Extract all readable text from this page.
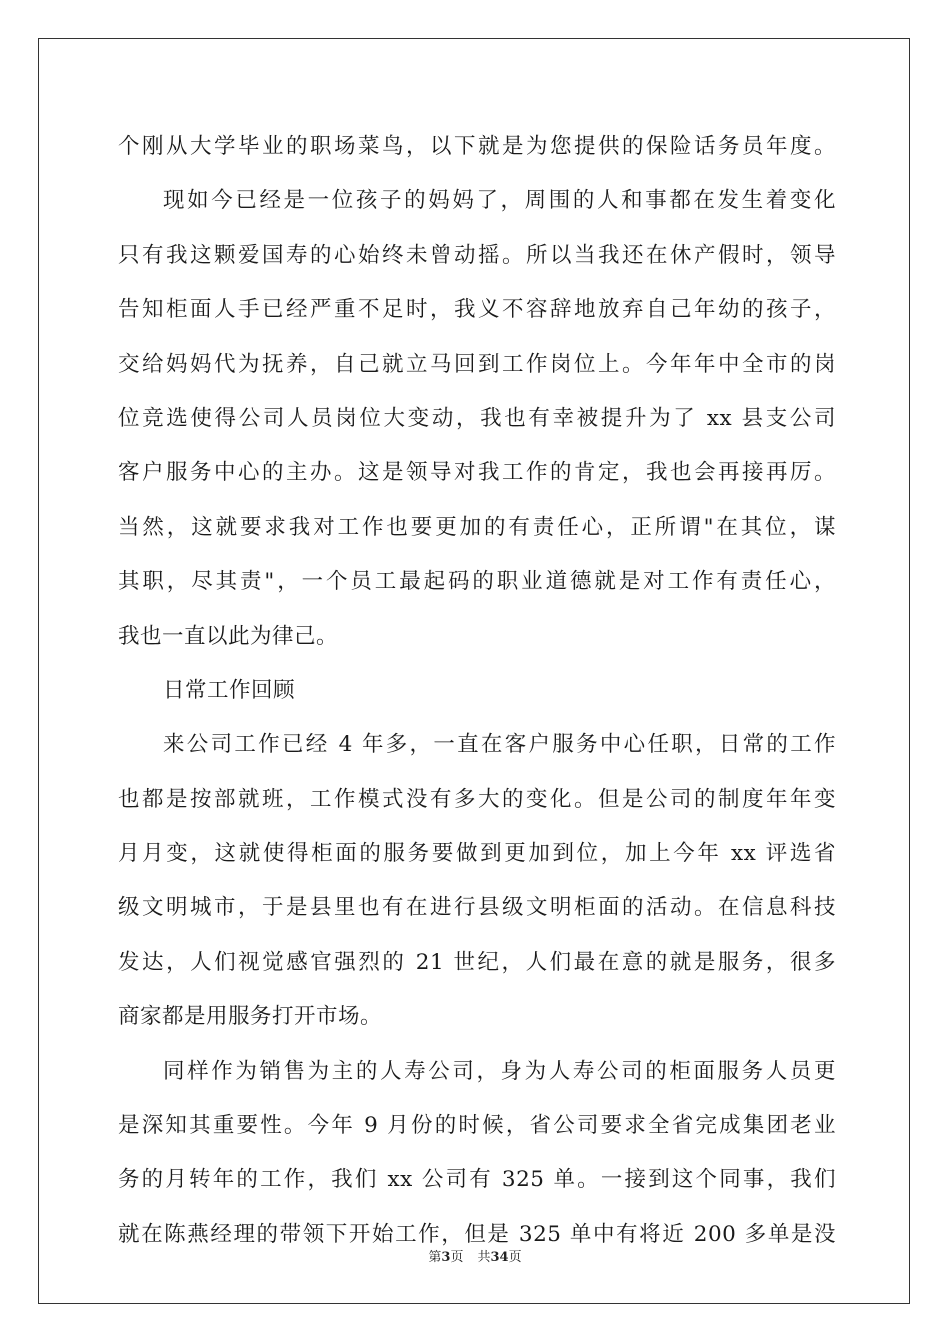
个刚从大学毕业的职场菜鸟，以下就是为您提供的保险话务员年度。
现如今已经是一位孩子的妈妈了，周围的人和事都在发生着变化
只有我这颗爱国寿的心始终未曾动摇。所以当我还在休产假时，领导
告知柜面人手已经严重不足时，我义不容辞地放弃自己年幼的孩子，
交给妈妈代为抚养，自己就立马回到工作岗位上。今年年中全市的岗
位竞选使得公司人员岗位大变动，我也有幸被提升为了 xx 县支公司
客户服务中心的主办。这是领导对我工作的肯定，我也会再接再厉。
当然，这就要求我对工作也要更加的有责任心，正所谓"在其位，谋
其职，尽其责"，一个员工最起码的职业道德就是对工作有责任心，
我也一直以此为律己。
日常工作回顾
来公司工作已经 4 年多，一直在客户服务中心任职，日常的工作
也都是按部就班，工作模式没有多大的变化。但是公司的制度年年变
月月变，这就使得柜面的服务要做到更加到位，加上今年 xx 评选省
级文明城市，于是县里也有在进行县级文明柜面的活动。在信息科技
发达，人们视觉感官强烈的 21 世纪，人们最在意的就是服务，很多
商家都是用服务打开市场。
同样作为销售为主的人寿公司，身为人寿公司的柜面服务人员更
是深知其重要性。今年 9 月份的时候，省公司要求全省完成集团老业
务的月转年的工作，我们 xx 公司有 325 单。一接到这个同事，我们
就在陈燕经理的带领下开始工作，但是 325 单中有将近 200 多单是没
第3页 共34页
